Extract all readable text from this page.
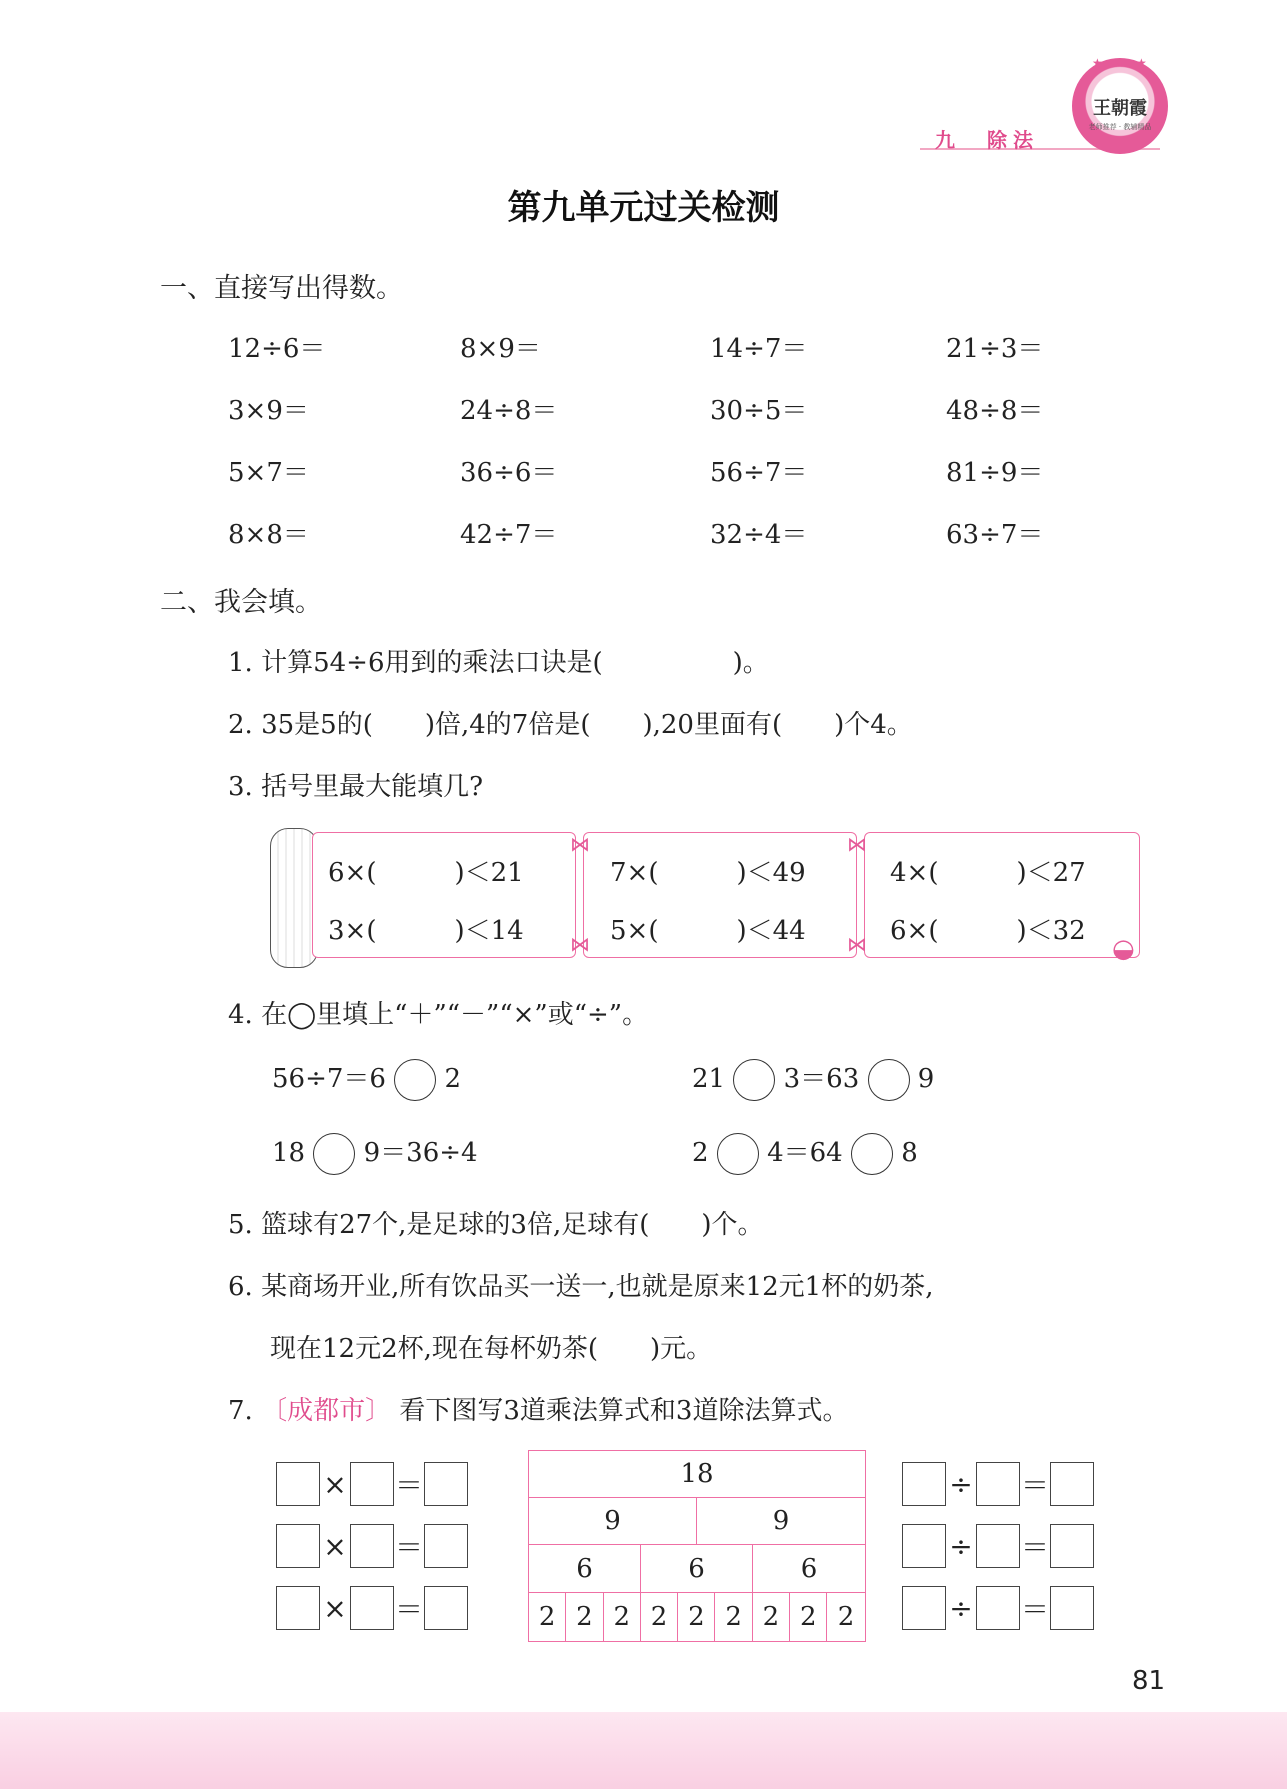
九　除法
★ ★ ★
王朝霞
老师推荐 · 教辅精品
第九单元过关检测
一、直接写出得数。
12÷6＝	8×9＝	14÷7＝	21÷3＝
3×9＝	24÷8＝	30÷5＝	48÷8＝
5×7＝	36÷6＝	56÷7＝	81÷9＝
8×8＝	42÷7＝	32÷4＝	63÷7＝
二、我会填。
1. 计算54÷6用到的乘法口诀是(　　　　　)。
2. 35是5的(　　)倍,4的7倍是(　　),20里面有(　　)个4。
3. 括号里最大能填几?
⋈
⋈
⋈
⋈	◒
6×(　　　)＜21
3×(　　　)＜14
7×(　　　)＜49
5×(　　　)＜44
4×(　　　)＜27
6×(　　　)＜32
4. 在◯里填上“＋”“－”“×”或“÷”。
56÷7＝6 2	21 3＝63 9
18 9＝36÷4	2 4＝64 8
5. 篮球有27个,是足球的3倍,足球有(　　)个。
6. 某商场开业,所有饮品买一送一,也就是原来12元1杯的奶茶,
现在12元2杯,现在每杯奶茶(　　)元。
7. 〔成都市〕 看下图写3道乘法算式和3道除法算式。
× ＝
× ＝
× ＝
÷ ＝
÷ ＝
÷ ＝
18
9	9
6	6	6
2 2 2 2 2 2 2 2 2
81
